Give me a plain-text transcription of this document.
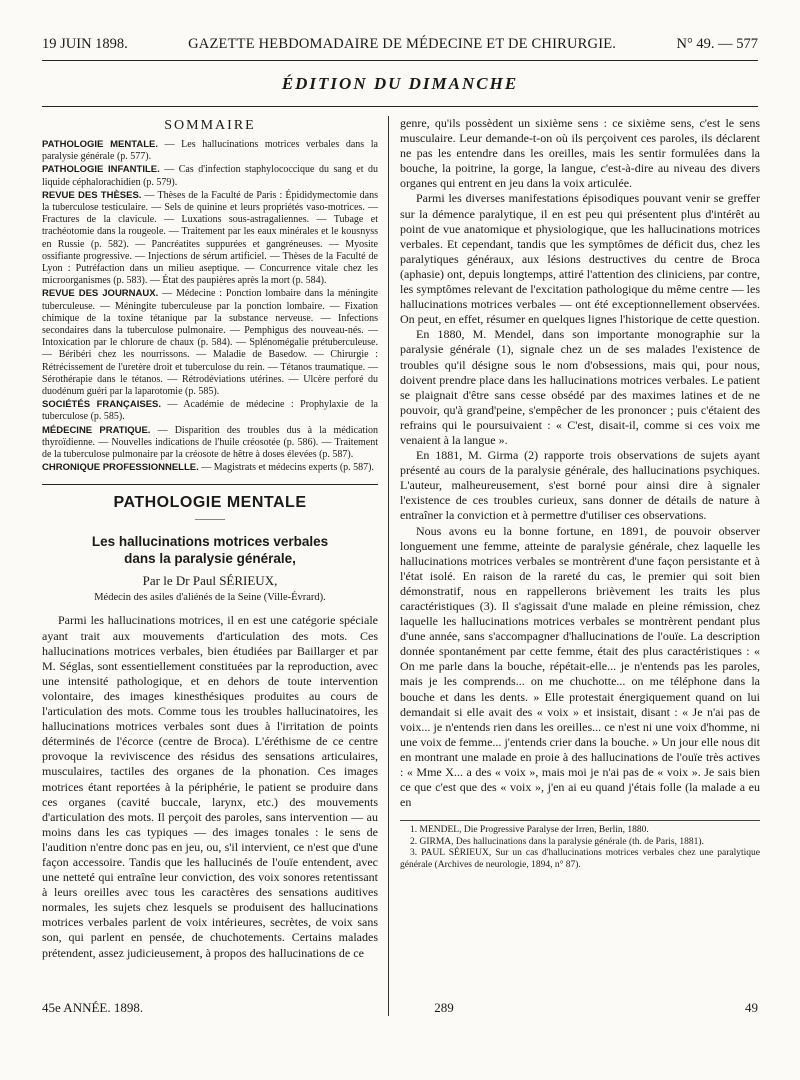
19 JUIN 1898.	GAZETTE HEBDOMADAIRE DE MÉDECINE ET DE CHIRURGIE.	N° 49. — 577
ÉDITION DU DIMANCHE
SOMMAIRE

PATHOLOGIE MENTALE. — Les hallucinations motrices verbales dans la paralysie générale (p. 577).

PATHOLOGIE INFANTILE. — Cas d'infection staphylococcique du sang et du liquide céphalorachidien (p. 579).

REVUE DES THÈSES. — Thèses de la Faculté de Paris : Épididymectomie dans la tuberculose testiculaire. — Sels de quinine et leurs propriétés vaso-motrices. — Fractures de la clavicule. — Luxations sous-astragaliennes. — Tubage et trachéotomie dans la rougeole. — Traitement par les eaux minérales et le kousnyss en Russie (p. 582). — Pancréatites suppurées et gangréneuses. — Myosite ossifiante progressive. — Injections de sérum artificiel. — Thèses de la Faculté de Lyon : Putréfaction dans un milieu aseptique. — Concurrence vitale chez les microorganismes (p. 583). — État des paupières après la mort (p. 584).

REVUE DES JOURNAUX. — Médecine : Ponction lombaire dans la méningite tuberculeuse. — Méningite tuberculeuse par la ponction lombaire. — Fixation chimique de la toxine tétanique par la substance nerveuse. — Infections secondaires dans la tuberculose pulmonaire. — Pemphigus des nouveau-nés. — Intoxication par le chlorure de chaux (p. 584). — Splénomégalie prétuberculeuse. — Béribéri chez les nourrissons. — Maladie de Basedow. — Chirurgie : Rétrécissement de l'uretère droit et tuberculose du rein. — Tétanos traumatique. — Sérothérapie dans le tétanos. — Rétrodéviations utérines. — Ulcère perforé du duodénum guéri par la laparotomie (p. 585).

SOCIÉTÉS FRANÇAISES. — Académie de médecine : Prophylaxie de la tuberculose (p. 585).

MÉDECINE PRATIQUE. — Disparition des troubles dus à la médication thyroïdienne. — Nouvelles indications de l'huile créosotée (p. 586). — Traitement de la tuberculose pulmonaire par la créosote de hêtre à doses élevées (p. 587).

CHRONIQUE PROFESSIONNELLE. — Magistrats et médecins experts (p. 587).

PATHOLOGIE MENTALE
———
Les hallucinations motrices verbales
dans la paralysie générale,
Par le Dr Paul SÉRIEUX,
Médecin des asiles d'aliénés de la Seine (Ville-Évrard).

Parmi les hallucinations motrices, il en est une catégorie spéciale ayant trait aux mouvements d'articulation des mots. Ces hallucinations motrices verbales, bien étudiées par Baillarger et par M. Séglas, sont essentiellement constituées par la reproduction, avec une intensité pathologique, et en dehors de toute intervention volontaire, des images kinesthésiques produites au cours de l'articulation des mots. Comme tous les troubles hallucinatoires, les hallucinations motrices verbales sont dues à l'irritation de points déterminés de l'écorce (centre de Broca). L'éréthisme de ce centre provoque la reviviscence des résidus des sensations articulaires, musculaires, tactiles des organes de la phonation. Ces images motrices étant reportées à la périphérie, le patient se produire dans ces organes (cavité buccale, larynx, etc.) des mouvements d'articulation des mots. Il perçoit des paroles, sans intervention — au moins dans les cas typiques — des images tonales : le sens de l'audition n'entre donc pas en jeu, ou, s'il intervient, ce n'est que d'une façon accessoire. Tandis que les hallucinés de l'ouïe entendent, avec une netteté qui entraîne leur conviction, des voix sonores retentissant à leurs oreilles avec tous les caractères des sensations auditives normales, les sujets chez lesquels se produisent des hallucinations motrices verbales parlent de voix intérieures, secrètes, de voix sans son, qui parlent en pensée, de chuchotements. Certains malades prétendent, assez judicieusement, à propos des hallucinations de ce

genre, qu'ils possèdent un sixième sens : ce sixième sens, c'est le sens musculaire. Leur demande-t-on où ils perçoivent ces paroles, ils déclarent ne pas les entendre dans les oreilles, mais les sentir formulées dans la bouche, la poitrine, la gorge, la langue, c'est-à-dire au niveau des divers organes qui entrent en jeu dans la voix articulée.

Parmi les diverses manifestations épisodiques pouvant venir se greffer sur la démence paralytique, il en est peu qui présentent plus d'intérêt au point de vue anatomique et physiologique, que les hallucinations motrices verbales. Et cependant, tandis que les symptômes de déficit dus, chez les paralytiques généraux, aux lésions destructives du centre de Broca (aphasie) ont, depuis longtemps, attiré l'attention des cliniciens, par contre, les symptômes relevant de l'excitation pathologique du même centre — les hallucinations motrices verbales — ont été exceptionnellement observées. On peut, en effet, résumer en quelques lignes l'historique de cette question.

En 1880, M. Mendel, dans son importante monographie sur la paralysie générale (1), signale chez un de ses malades l'existence de troubles qu'il désigne sous le nom d'obsessions, mais qui, pour nous, doivent prendre place dans les hallucinations motrices verbales. Le patient se plaignait d'être sans cesse obsédé par des maximes latines et de ne pouvoir, qu'à grand'peine, s'empêcher de les prononcer ; puis c'étaient des refrains qui le poursuivaient : « C'est, disait-il, comme si ces voix me venaient à la langue ».

En 1881, M. Girma (2) rapporte trois observations de sujets ayant présenté au cours de la paralysie générale, des hallucinations psychiques. L'auteur, malheureusement, s'est borné pour ainsi dire à signaler l'existence de ces troubles curieux, sans donner de détails de nature à entraîner la conviction et à permettre d'utiliser ces observations.

Nous avons eu la bonne fortune, en 1891, de pouvoir observer longuement une femme, atteinte de paralysie générale, chez laquelle les hallucinations motrices verbales se montrèrent d'une façon persistante et à l'état isolé. En raison de la rareté du cas, le premier qui soit bien démonstratif, nous en rappellerons brièvement les traits les plus caractéristiques (3). Il s'agissait d'une malade en pleine rémission, chez laquelle les hallucinations motrices verbales se montrèrent pendant plus d'une année, sans s'accompagner d'hallucinations de l'ouïe. La description donnée spontanément par cette femme, était des plus caractéristiques : « On me parle dans la bouche, répétait-elle... je n'entends pas les paroles, mais je les comprends... on me chuchotte... on me téléphone dans la bouche et dans les dents. » Elle protestait énergiquement quand on lui demandait si elle avait des « voix » et insistait, disant : « Je n'ai pas de voix... je n'entends rien dans les oreilles... ce n'est ni une voix d'homme, ni une voix de femme... j'entends crier dans la bouche. » Un jour elle nous dit en montrant une malade en proie à des hallucinations de l'ouïe très actives : « Mme X... a des « voix », mais moi je n'ai pas de « voix ». Je sais bien ce que c'est que des « voix », j'en ai eu quand j'étais folle (la malade a eu en

1. MENDEL, Die Progressive Paralyse der Irren, Berlin, 1880.

2. GIRMA, Des hallucinations dans la paralysie générale (th. de Paris, 1881).

3. PAUL SÉRIEUX, Sur un cas d'hallucinations motrices verbales chez une paralytique générale (Archives de neurologie, 1894, n° 87).

45e ANNÉE. 1898.	289	49
